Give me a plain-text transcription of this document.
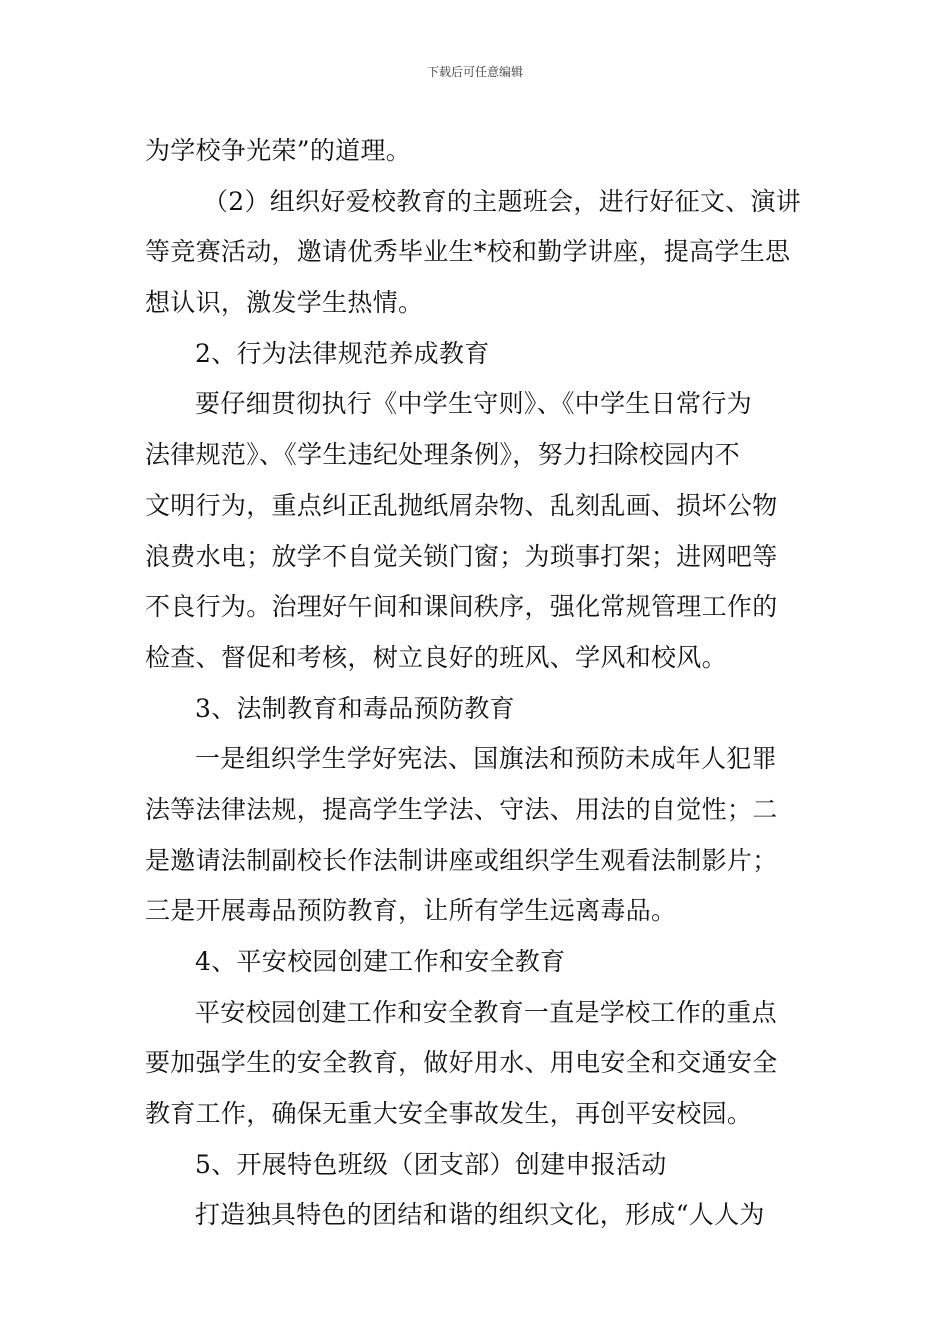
下载后可任意编辑
为学校争光荣”的道理。
（2）组织好爱校教育的主题班会，进行好征文、演讲
等竞赛活动，邀请优秀毕业生*校和勤学讲座，提高学生思
想认识，激发学生热情。
2、行为法律规范养成教育
要仔细贯彻执行《中学生守则》、《中学生日常行为
法律规范》、《学生违纪处理条例》，努力扫除校园内不
文明行为，重点纠正乱抛纸屑杂物、乱刻乱画、损坏公物
浪费水电；放学不自觉关锁门窗；为琐事打架；进网吧等
不良行为。治理好午间和课间秩序，强化常规管理工作的
检查、督促和考核，树立良好的班风、学风和校风。
3、法制教育和毒品预防教育
一是组织学生学好宪法、国旗法和预防未成年人犯罪
法等法律法规，提高学生学法、守法、用法的自觉性；二
是邀请法制副校长作法制讲座或组织学生观看法制影片；
三是开展毒品预防教育，让所有学生远离毒品。
4、平安校园创建工作和安全教育
平安校园创建工作和安全教育一直是学校工作的重点
要加强学生的安全教育，做好用水、用电安全和交通安全
教育工作，确保无重大安全事故发生，再创平安校园。
5、开展特色班级（团支部）创建申报活动
打造独具特色的团结和谐的组织文化，形成“人人为
